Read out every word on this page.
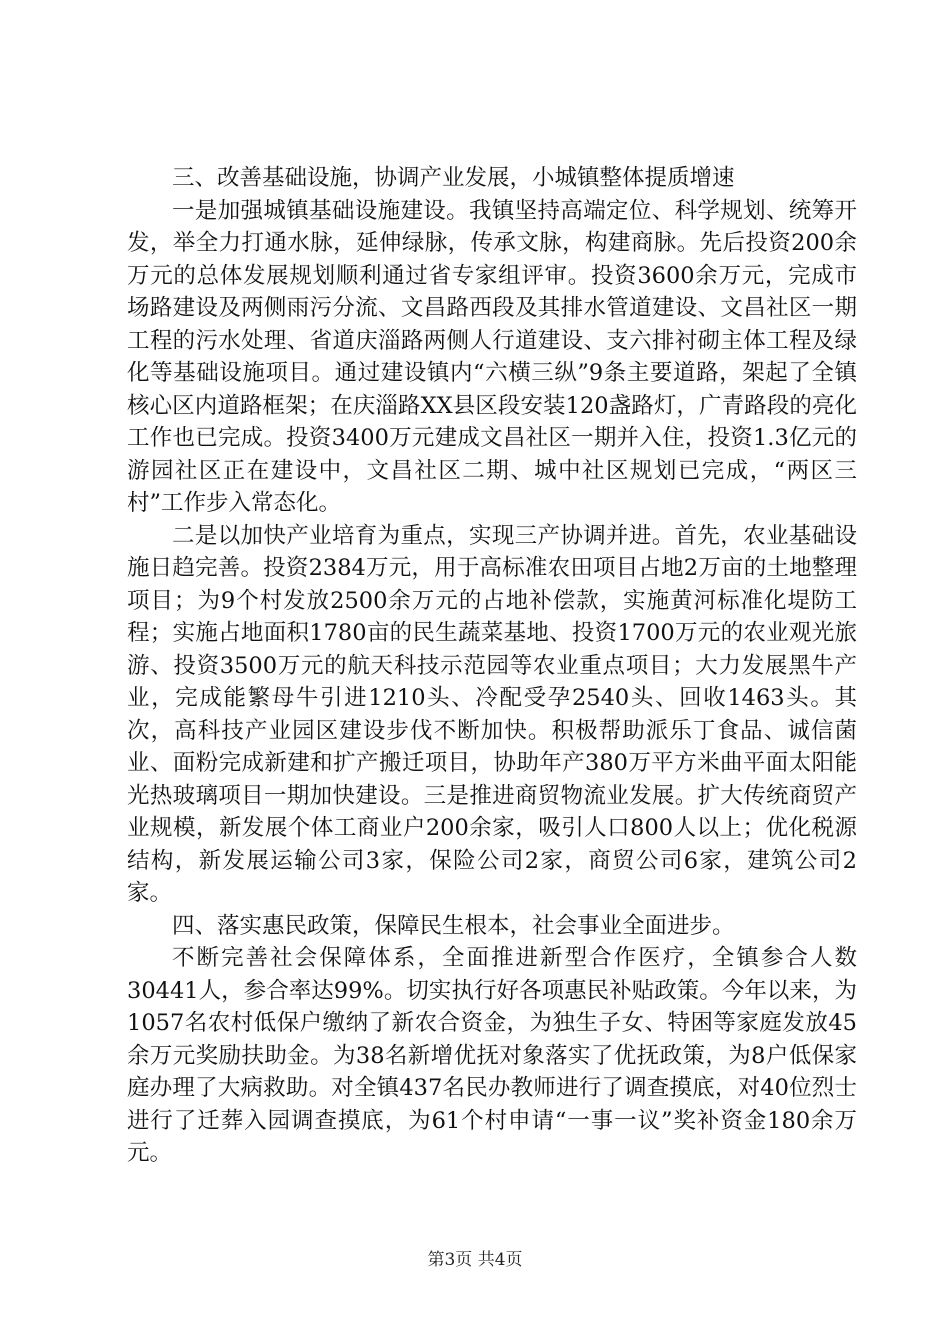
三、改善基础设施，协调产业发展，小城镇整体提质增速

一是加强城镇基础设施建设。我镇坚持高端定位、科学规划、统筹开发，举全力打通水脉，延伸绿脉，传承文脉，构建商脉。先后投资200余万元的总体发展规划顺利通过省专家组评审。投资3600余万元，完成市场路建设及两侧雨污分流、文昌路西段及其排水管道建设、文昌社区一期工程的污水处理、省道庆淄路两侧人行道建设、支六排衬砌主体工程及绿化等基础设施项目。通过建设镇内“六横三纵”9条主要道路，架起了全镇核心区内道路框架；在庆淄路XX县区段安装120盏路灯，广青路段的亮化工作也已完成。投资3400万元建成文昌社区一期并入住，投资1.3亿元的游园社区正在建设中，文昌社区二期、城中社区规划已完成，“两区三村”工作步入常态化。

二是以加快产业培育为重点，实现三产协调并进。首先，农业基础设施日趋完善。投资2384万元，用于高标准农田项目占地2万亩的土地整理项目；为9个村发放2500余万元的占地补偿款，实施黄河标准化堤防工程；实施占地面积1780亩的民生蔬菜基地、投资1700万元的农业观光旅游、投资3500万元的航天科技示范园等农业重点项目；大力发展黑牛产业，完成能繁母牛引进1210头、冷配受孕2540头、回收1463头。其次，高科技产业园区建设步伐不断加快。积极帮助派乐丁食品、诚信菌业、面粉完成新建和扩产搬迁项目，协助年产380万平方米曲平面太阳能光热玻璃项目一期加快建设。三是推进商贸物流业发展。扩大传统商贸产业规模，新发展个体工商业户200余家，吸引人口800人以上；优化税源结构，新发展运输公司3家，保险公司2家，商贸公司6家，建筑公司2家。

四、落实惠民政策，保障民生根本，社会事业全面进步。

不断完善社会保障体系，全面推进新型合作医疗，全镇参合人数30441人，参合率达99%。切实执行好各项惠民补贴政策。今年以来，为1057名农村低保户缴纳了新农合资金，为独生子女、特困等家庭发放45余万元奖励扶助金。为38名新增优抚对象落实了优抚政策，为8户低保家庭办理了大病救助。对全镇437名民办教师进行了调查摸底，对40位烈士进行了迁葬入园调查摸底，为61个村申请“一事一议”奖补资金180余万元。

第3页 共4页
